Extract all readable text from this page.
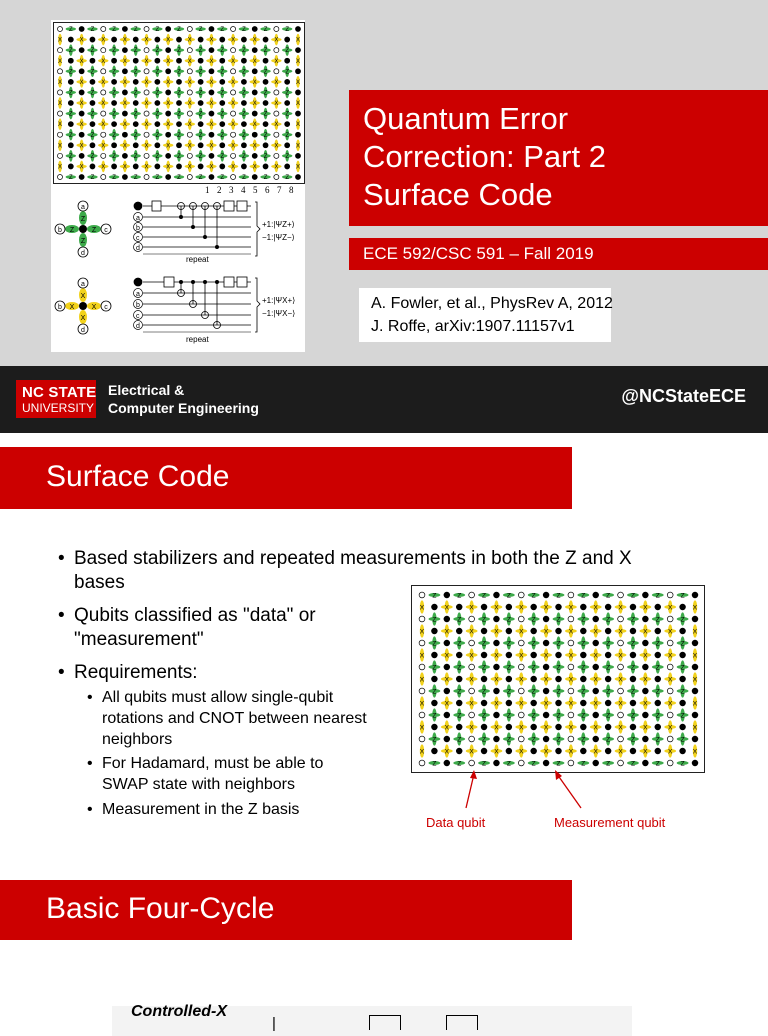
Z	Z	Z	Z	Z	Z	Z	Z	Z	Z	Z
X	X	X	X	X	X	X	X	X	X	X	X
Z	Z	Z	Z	Z	Z	Z	Z	Z	Z	Z
X	X	X	X	X	X	X	X	X	X	X	X
Z	Z	Z	Z	Z	Z	Z	Z	Z	Z	Z
X	X	X	X	X	X	X	X	X	X	X	X
Z	Z	Z	Z	Z	Z	Z	Z	Z	Z	Z
X	X	X	X	X	X	X	X	X	X	X	X
Z	Z	Z	Z	Z	Z	Z	Z	Z	Z	Z
X	X	X	X	X	X	X	X	X	X	X	X
Z	Z	Z	Z	Z	Z	Z	Z	Z	Z	Z
X	X	X	X	X	X	X	X	X	X	X	X
Z	Z	Z	Z	Z	Z	Z	Z	Z	Z	Z
X	X	X	X	X	X	X	X	X	X	X	X
Z	Z	Z	Z	Z	Z	Z	Z	Z	Z	Z
1 2 3 4 5 6 7 8
a
b	c
d
Z
Z
Z	Z
a
b	c
d
X
X
X X
a
b
c
d
+1:|ΨZ+⟩
−1:|ΨZ−⟩
repeat
a
b
c
d
+1:|ΨX+⟩
−1:|ΨX−⟩
repeat
Quantum Error
Correction: Part 2
Surface Code
ECE 592/CSC 591 – Fall 2019
A. Fowler, et al., PhysRev A, 2012
J. Roffe, arXiv:1907.11157v1
NC STATE
UNIVERSITY
Electrical &
Computer Engineering
@NCStateECE
Surface Code
• Based stabilizers and repeated measurements in both the Z and X bases
• Qubits classified as "data" or "measurement"
• Requirements:
• All qubits must allow single-qubit rotations and CNOT between nearest neighbors
• For Hadamard, must be able to SWAP state with neighbors
• Measurement in the Z basis
Z	Z	Z	Z	Z	Z	Z	Z	Z	Z	Z
X	X	X	X	X	X	X	X	X	X	X	X
Z	Z	Z	Z	Z	Z	Z	Z	Z	Z	Z
X	X	X	X	X	X	X	X	X	X	X	X
Z	Z	Z	Z	Z	Z	Z	Z	Z	Z	Z
X	X	X	X	X	X	X	X	X	X	X	X
Z	Z	Z	Z	Z	Z	Z	Z	Z	Z	Z
X	X	X	X	X	X	X	X	X	X	X	X
Z	Z	Z	Z	Z	Z	Z	Z	Z	Z	Z
X	X	X	X	X	X	X	X	X	X	X	X
Z	Z	Z	Z	Z	Z	Z	Z	Z	Z	Z
X	X	X	X	X	X	X	X	X	X	X	X
Z	Z	Z	Z	Z	Z	Z	Z	Z	Z	Z
X	X	X	X	X	X	X	X	X	X	X	X
Z	Z	Z	Z	Z	Z	Z	Z	Z	Z	Z
Data qubit	Measurement qubit
Basic Four-Cycle
Controlled-X
|
